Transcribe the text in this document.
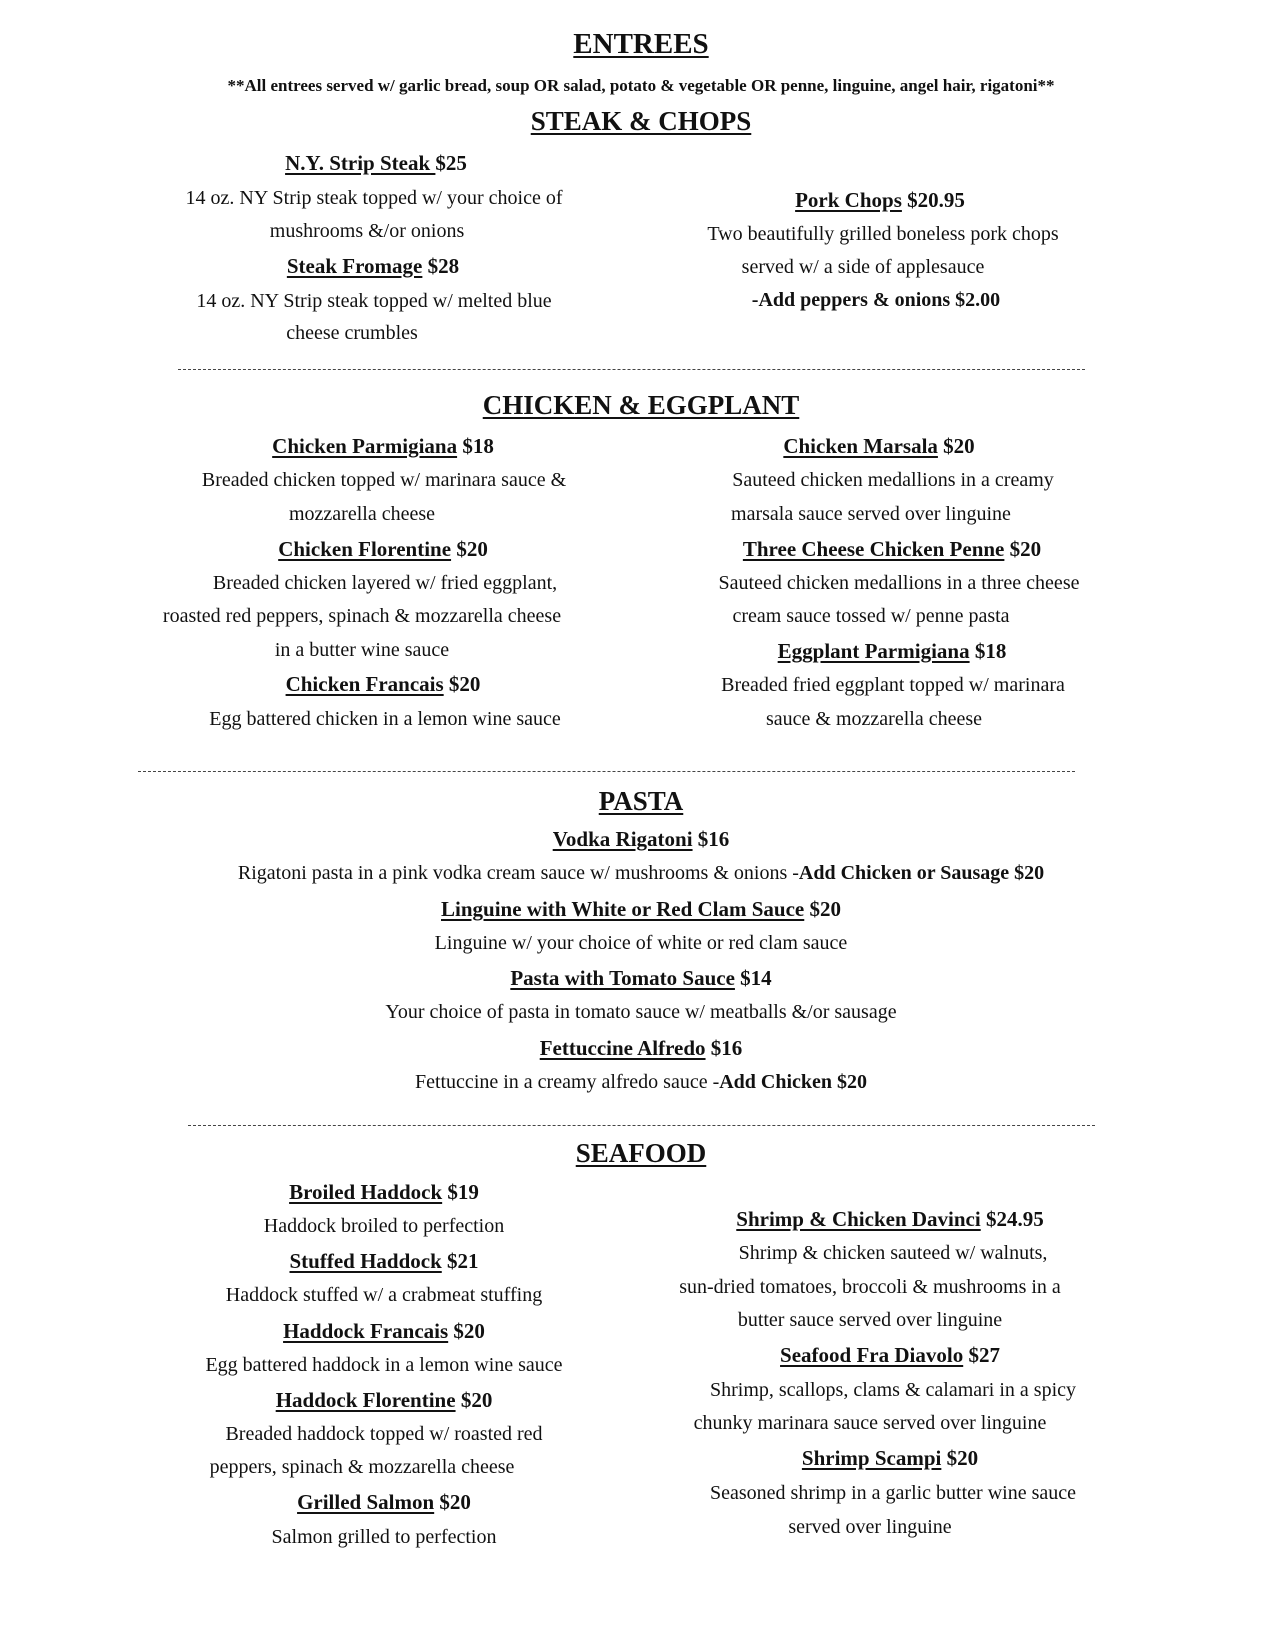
ENTREES
**All entrees served w/ garlic bread, soup OR salad, potato & vegetable OR penne, linguine, angel hair, rigatoni**
STEAK & CHOPS
N.Y. Strip Steak $25
14 oz. NY Strip steak topped w/ your choice of
mushrooms &/or onions
Steak Fromage $28
14 oz. NY Strip steak topped w/ melted blue
cheese crumbles
Pork Chops $20.95
Two beautifully grilled boneless pork chops
served w/ a side of applesauce
-Add peppers & onions $2.00
CHICKEN & EGGPLANT
Chicken Parmigiana $18
Breaded chicken topped w/ marinara sauce &
mozzarella cheese
Chicken Florentine $20
Breaded chicken layered w/ fried eggplant,
roasted red peppers, spinach & mozzarella cheese
in a butter wine sauce
Chicken Francais $20
Egg battered chicken in a lemon wine sauce
Chicken Marsala $20
Sauteed chicken medallions in a creamy
marsala sauce served over linguine
Three Cheese Chicken Penne $20
Sauteed chicken medallions in a three cheese
cream sauce tossed w/ penne pasta
Eggplant Parmigiana $18
Breaded fried eggplant topped w/ marinara
sauce & mozzarella cheese
PASTA
Vodka Rigatoni $16
Rigatoni pasta in a pink vodka cream sauce w/ mushrooms & onions -Add Chicken or Sausage $20
Linguine with White or Red Clam Sauce $20
Linguine w/ your choice of white or red clam sauce
Pasta with Tomato Sauce $14
Your choice of pasta in tomato sauce w/ meatballs &/or sausage
Fettuccine Alfredo $16
Fettuccine in a creamy alfredo sauce -Add Chicken $20
SEAFOOD
Broiled Haddock $19
Haddock broiled to perfection
Stuffed Haddock $21
Haddock stuffed w/ a crabmeat stuffing
Haddock Francais $20
Egg battered haddock in a lemon wine sauce
Haddock Florentine $20
Breaded haddock topped w/ roasted red
peppers, spinach & mozzarella cheese
Grilled Salmon $20
Salmon grilled to perfection
Shrimp & Chicken Davinci $24.95
Shrimp & chicken sauteed w/ walnuts,
sun-dried tomatoes, broccoli & mushrooms in a
butter sauce served over linguine
Seafood Fra Diavolo $27
Shrimp, scallops, clams & calamari in a spicy
chunky marinara sauce served over linguine
Shrimp Scampi $20
Seasoned shrimp in a garlic butter wine sauce
served over linguine
